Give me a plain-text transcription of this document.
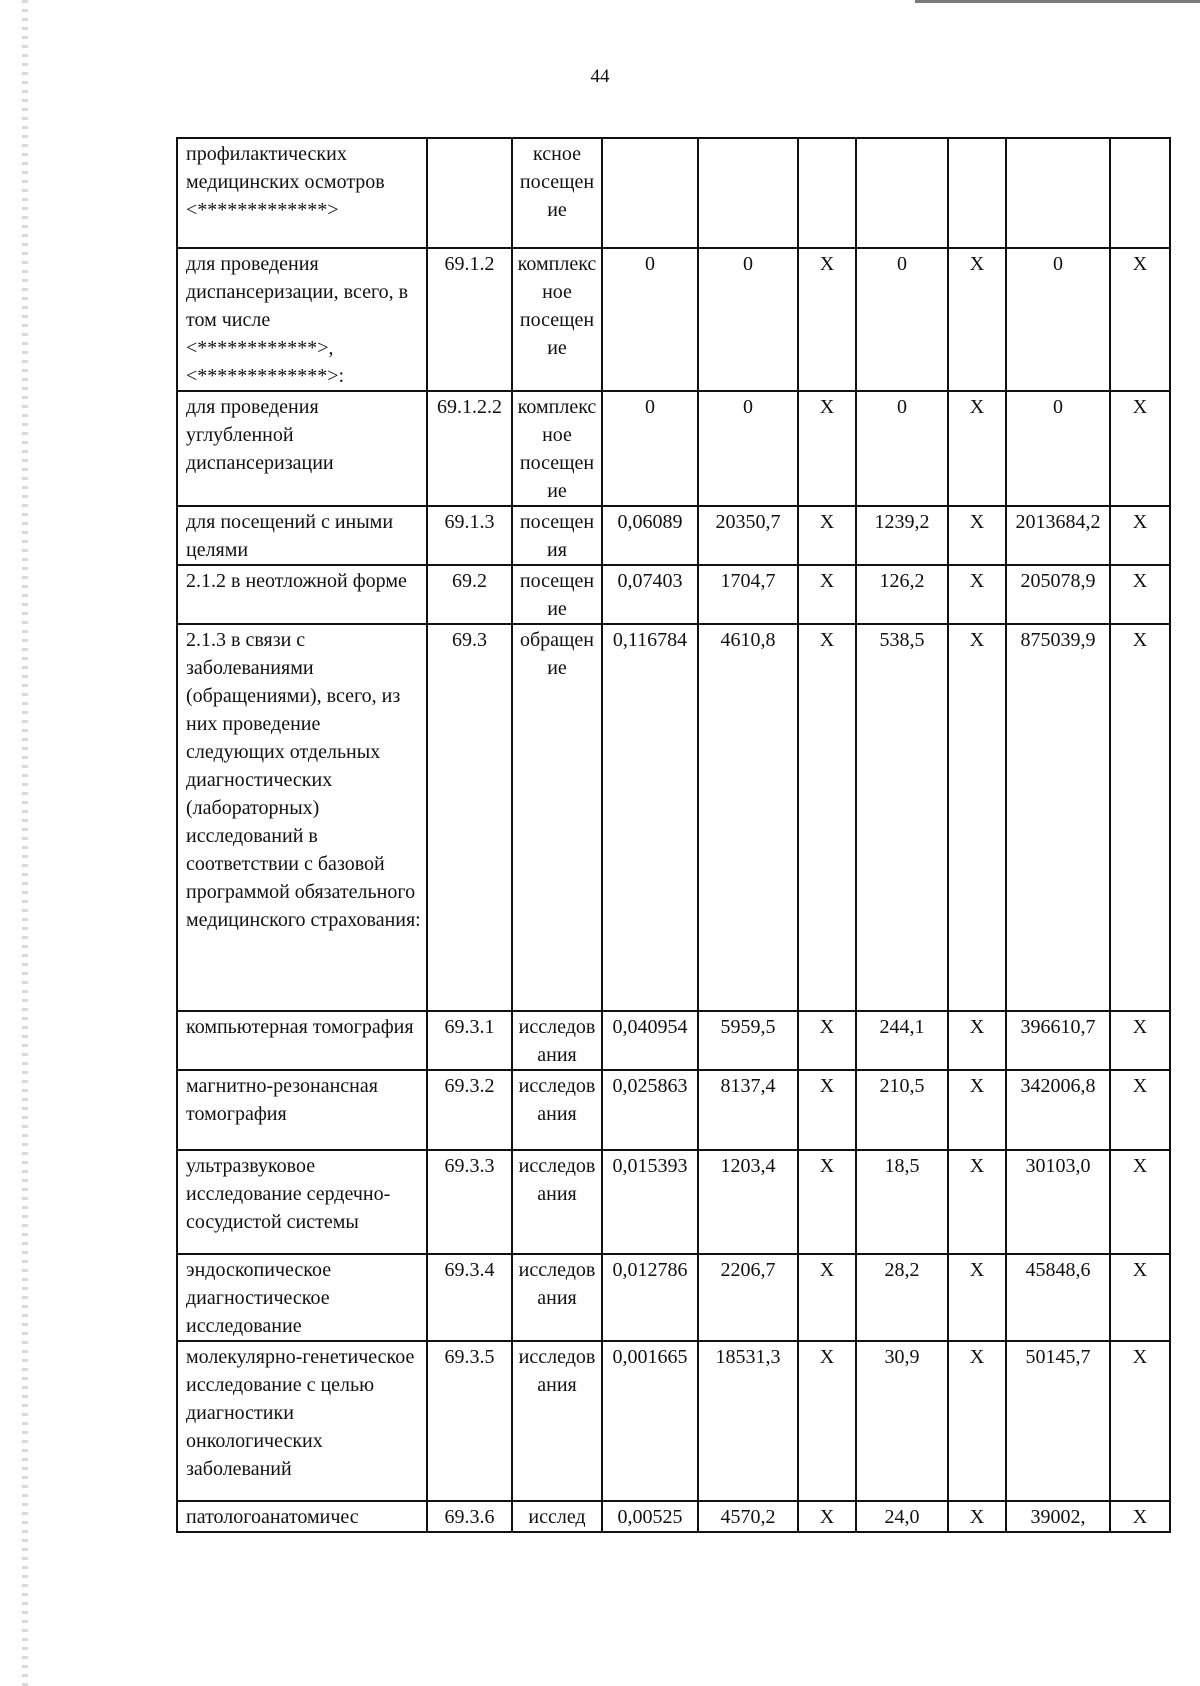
44
профилактических медицинских осмотров <*************>		ксное посещение							
для проведения диспансеризации, всего, в том числе <************>, <*************>:	69.1.2	комплексное посещение	0	0	X	0	X	0	X
для проведения углубленной диспансеризации	69.1.2.2	комплексное посещение	0	0	X	0	X	0	X
для посещений с иными целями	69.1.3	посещения	0,06089	20350,7	X	1239,2	X	2013684,2	X
2.1.2 в неотложной форме	69.2	посещение	0,07403	1704,7	X	126,2	X	205078,9	X
2.1.3 в связи с заболеваниями (обращениями), всего, из них проведение следующих отдельных диагностических (лабораторных) исследований в соответствии с базовой программой обязательного медицинского страхования:	69.3	обращение	0,116784	4610,8	X	538,5	X	875039,9	X
компьютерная томография	69.3.1	исследования	0,040954	5959,5	X	244,1	X	396610,7	X
магнитно-резонансная томография	69.3.2	исследования	0,025863	8137,4	X	210,5	X	342006,8	X
ультразвуковое исследование сердечно-сосудистой системы	69.3.3	исследования	0,015393	1203,4	X	18,5	X	30103,0	X
эндоскопическое диагностическое исследование	69.3.4	исследования	0,012786	2206,7	X	28,2	X	45848,6	X
молекулярно-генетическое исследование с целью диагностики онкологических заболеваний	69.3.5	исследования	0,001665	18531,3	X	30,9	X	50145,7	X
патологоанатомичес	69.3.6	исслед	0,00525	4570,2	X	24,0	X	39002,	X
